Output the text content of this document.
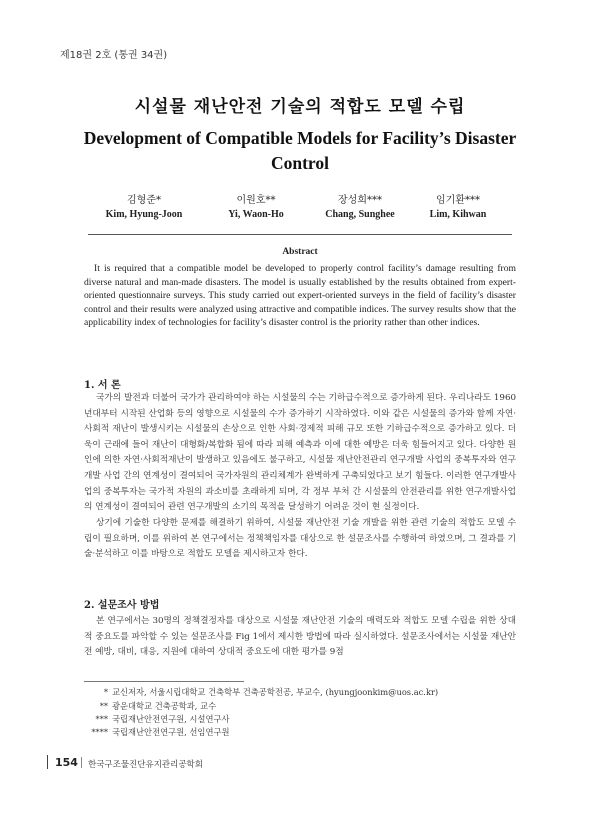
제18권 2호 (통권 34권)
시설물 재난안전 기술의 적합도 모델 수립
Development of Compatible Models for Facility’s Disaster Control
김형준*
Kim, Hyung-Joon
이원호**
Yi, Waon-Ho
장성희***
Chang, Sunghee
임기환***
Lim, Kihwan
Abstract

It is required that a compatible model be developed to properly control facility’s damage resulting from diverse natural and man-made disasters. The model is usually established by the results obtained from expert-oriented questionnaire surveys. This study carried out expert-oriented surveys in the field of facility’s disaster control and their results were analyzed using attractive and compatible indices. The survey results show that the applicability index of technologies for facility’s disaster control is the priority rather than other indices.

1. 서 론

국가의 발전과 더불어 국가가 관리하여야 하는 시설물의 수는 기하급수적으로 증가하게 된다. 우리나라도 1960년대부터 시작된 산업화 등의 영향으로 시설물의 수가 증가하기 시작하였다. 이와 같은 시설물의 증가와 함께 자연·사회적 재난이 발생시키는 시설물의 손상으로 인한 사회·경제적 피해 규모 또한 기하급수적으로 증가하고 있다. 더욱이 근래에 들어 재난이 대형화/복합화 됨에 따라 피해 예측과 이에 대한 예방은 더욱 힘들어지고 있다. 다양한 원인에 의한 자연·사회적재난이 발생하고 있음에도 불구하고, 시설물 재난안전관리 연구개발 사업의 중복투자와 연구개발 사업 간의 연계성이 결여되어 국가자원의 관리체계가 완벽하게 구축되었다고 보기 힘들다. 이러한 연구개발사업의 중복투자는 국가적 자원의 과소비를 초래하게 되며, 각 정부 부처 간 시설물의 안전관리를 위한 연구개발사업의 연계성이 결여되어 관련 연구개발의 소기의 목적을 달성하기 어려운 것이 현 실정이다.

상기에 기술한 다양한 문제를 해결하기 위하여, 시설물 재난안전 기술 개발을 위한 관련 기술의 적합도 모델 수립이 필요하며, 이를 위하여 본 연구에서는 정책책임자를 대상으로 한 설문조사를 수행하여 하였으며, 그 결과를 기술·분석하고 이를 바탕으로 적합도 모델을 제시하고자 한다.

2. 설문조사 방법

본 연구에서는 30명의 정책결정자를 대상으로 시설물 재난안전 기술의 매력도와 적합도 모델 수립을 위한 상대적 중요도를 파악할 수 있는 설문조사를 Fig 1에서 제시한 방법에 따라 실시하였다. 설문조사에서는 시설물 재난안전 예방, 대비, 대응, 지원에 대하여 상대적 중요도에 대한 평가를 9점

* 교신저자, 서울시립대학교 건축학부 건축공학전공, 부교수, (hyungjoonkim@uos.ac.kr)
** 광운대학교 건축공학과, 교수
*** 국립재난안전연구원, 시설연구사
**** 국립재난안전연구원, 선임연구원
154 한국구조물진단유지관리공학회
